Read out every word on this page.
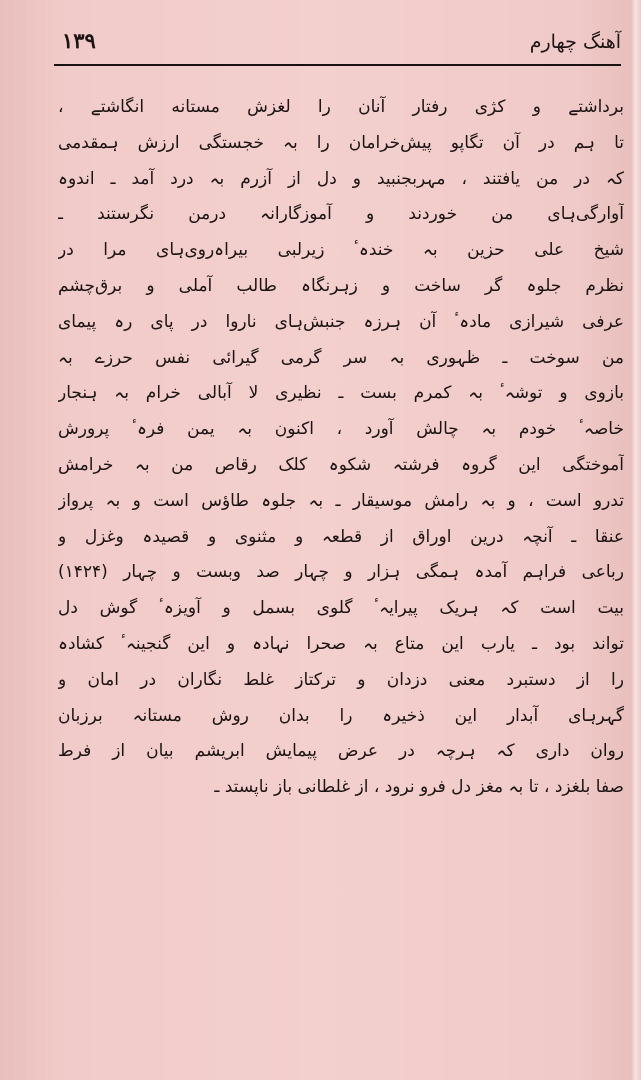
آهنگ چهارم
۱۳۹
برداشتے و کژی رفتار آنان را لغزش مستانه انگاشتے ،
تا ہم در آن تگاپو پیش‌خرامان را بہ خجستگی ارزش ہمقدمی
کہ در من یافتند ، مہربجنبید و دل از آزرم بہ درد آمد ـ اندوہ
آوارگی‌ہای من خوردند و آموزگارانہ درمن نگرستند ـ
شیخ علی حزین بہ خندہٴ زیرلبی بیراہ‌روی‌ہای مرا در
نظرم جلوہ گر ساخت و زہرنگاہ طالب آملی و برق‌چشم
عرفی شیرازی مادہٴ آن ہرزہ جنبش‌ہای ناروا در پای رہ پیمای
من سوخت ـ ظہوری بہ سر گرمی گیرائی نفس حرزے بہ
بازوی و توشہٴ بہ کمرم بست ـ نظیری لا آبالی خرام بہ ہنجار
خاصہٴ خودم بہ چالش آورد ، اکنون بہ یمن فرہٴ پرورش
آموختگی این گروہ فرشتہ شکوہ کلک رقاص من بہ خرامش
تدرو است ، و بہ رامش موسیقار ـ بہ جلوہ طاؤس است و بہ پرواز
عنقا ـ آنچہ درین اوراق از قطعہ و مثنوی و قصیدہ وغزل و
رباعی فراہم آمدہ ہمگی ہزار و چہار صد وبست و چہار (۱۴۲۴)
بیت است کہ ہریک پیرایہٴ گلوی بسمل و آویزہٴ گوش دل
تواند بود ـ یارب این متاع بہ صحرا نہادہ و این گنجینہٴ کشادہ
را از دستبرد معنی دزدان و ترکتاز غلط نگاران در امان و
گہرہای آبدار این ذخیرہ را بدان روش مستانہ برزبان
روان داری کہ ہرچہ در عرض پیمایش ابریشم بیان از فرط
صفا بلغزد ، تا بہ مغز دل فرو نرود ، از غلطانی باز ناپستد ـ
